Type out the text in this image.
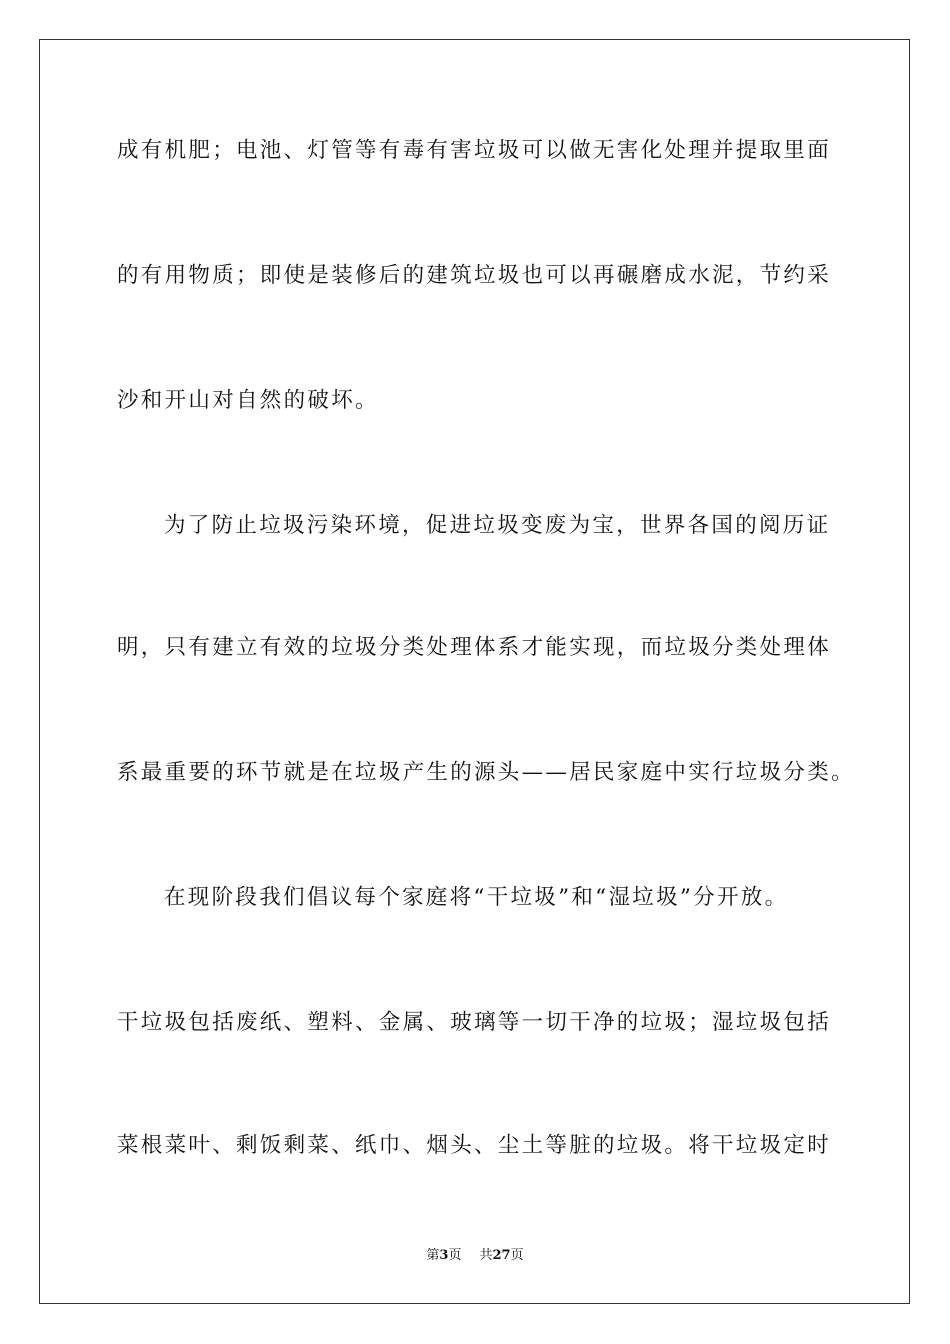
成有机肥；电池、灯管等有毒有害垃圾可以做无害化处理并提取里面
的有用物质；即使是装修后的建筑垃圾也可以再碾磨成水泥，节约采
沙和开山对自然的破坏。
为了防止垃圾污染环境，促进垃圾变废为宝，世界各国的阅历证
明，只有建立有效的垃圾分类处理体系才能实现，而垃圾分类处理体
系最重要的环节就是在垃圾产生的源头——居民家庭中实行垃圾分类。
在现阶段我们倡议每个家庭将“干垃圾”和“湿垃圾”分开放。
干垃圾包括废纸、塑料、金属、玻璃等一切干净的垃圾；湿垃圾包括
菜根菜叶、剩饭剩菜、纸巾、烟头、尘土等脏的垃圾。将干垃圾定时
第3页 共27页
